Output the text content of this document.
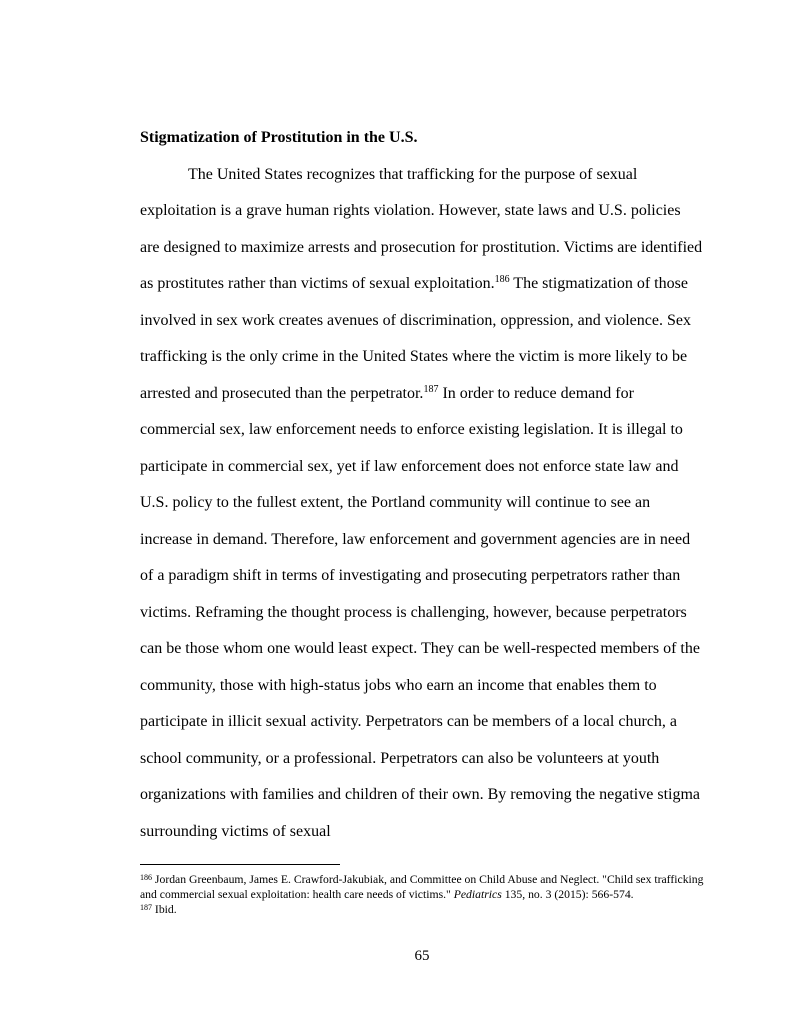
Stigmatization of Prostitution in the U.S.

The United States recognizes that trafficking for the purpose of sexual exploitation is a grave human rights violation. However, state laws and U.S. policies are designed to maximize arrests and prosecution for prostitution. Victims are identified as prostitutes rather than victims of sexual exploitation.$^{186}$ The stigmatization of those involved in sex work creates avenues of discrimination, oppression, and violence. Sex trafficking is the only crime in the United States where the victim is more likely to be arrested and prosecuted than the perpetrator.$^{187}$ In order to reduce demand for commercial sex, law enforcement needs to enforce existing legislation. It is illegal to participate in commercial sex, yet if law enforcement does not enforce state law and U.S. policy to the fullest extent, the Portland community will continue to see an increase in demand. Therefore, law enforcement and government agencies are in need of a paradigm shift in terms of investigating and prosecuting perpetrators rather than victims. Reframing the thought process is challenging, however, because perpetrators can be those whom one would least expect. They can be well-respected members of the community, those with high-status jobs who earn an income that enables them to participate in illicit sexual activity. Perpetrators can be members of a local church, a school community, or a professional. Perpetrators can also be volunteers at youth organizations with families and children of their own. By removing the negative stigma surrounding victims of sexual

$^{186}$ Jordan Greenbaum, James E. Crawford-Jakubiak, and Committee on Child Abuse and Neglect. "Child sex trafficking and commercial sexual exploitation: health care needs of victims." Pediatrics 135, no. 3 (2015): 566-574.
$^{187}$ Ibid.
65
